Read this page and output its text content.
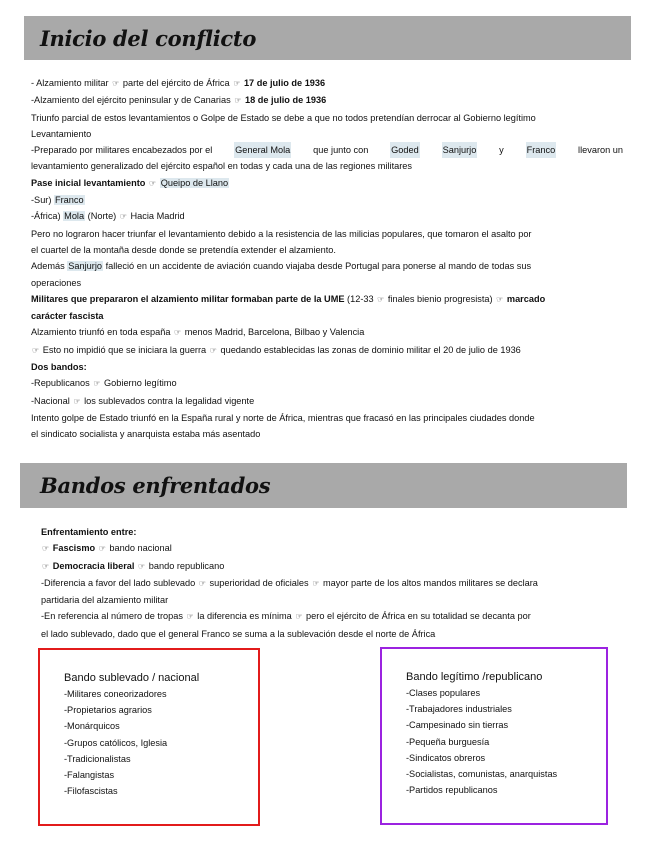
Inicio del conflicto
- Alzamiento militar ☞ parte del ejército de África ☞ 17 de julio de 1936
-Alzamiento del ejército peninsular y de Canarias ☞ 18 de julio de 1936
Triunfo parcial de estos levantamientos o Golpe de Estado se debe a que no todos pretendían derrocar al Gobierno legítimo
Levantamiento
-Preparado por militares encabezados por el General Mola que junto con Goded	Sanjurjo y Franco llevaron un
levantamiento generalizado del ejército español en todas y cada una de las regiones militares
Pase inicial levantamiento ☞ Queipo de Llano
-Sur) Franco
-África) Mola (Norte) ☞ Hacia Madrid
Pero no lograron hacer triunfar el levantamiento debido a la resistencia de las milicias populares, que tomaron el asalto por
el cuartel de la montaña desde donde se pretendía extender el alzamiento.
Además Sanjurjo falleció en un accidente de aviación cuando viajaba desde Portugal para ponerse al mando de todas sus
operaciones
Militares que prepararon el alzamiento militar formaban parte de la UME (12-33 ☞ finales bienio progresista) ☞ marcado
carácter fascista
Alzamiento triunfó en toda españa ☞ menos Madrid, Barcelona, Bilbao y Valencia
☞ Esto no impidió que se iniciara la guerra ☞ quedando establecidas las zonas de dominio militar el 20 de julio de 1936
Dos bandos:
-Republicanos ☞ Gobierno legítimo
-Nacional ☞ los sublevados contra la legalidad vigente
Intento golpe de Estado triunfó en la España rural y norte de África, mientras que fracasó en las principales ciudades donde
el sindicato socialista y anarquista estaba más asentado
Bandos enfrentados
Enfrentamiento entre:
☞ Fascismo ☞ bando nacional
☞ Democracia liberal ☞ bando republicano
-Diferencia a favor del lado sublevado ☞ superioridad de oficiales ☞ mayor parte de los altos mandos militares se declara
partidaria del alzamiento militar
-En referencia al número de tropas ☞ la diferencia es mínima ☞ pero el ejército de África en su totalidad se decanta por
el lado sublevado, dado que el general Franco se suma a la sublevación desde el norte de África
Bando sublevado / nacional
-Militares coneorizadores
-Propietarios agrarios
-Monárquicos
-Grupos católicos, Iglesia
-Tradicionalistas
-Falangistas
-Filofascistas
Bando legítimo /republicano
-Clases populares
-Trabajadores industriales
-Campesinado sin tierras
-Pequeña burguesía
-Sindicatos obreros
-Socialistas, comunistas, anarquistas
-Partidos republicanos
